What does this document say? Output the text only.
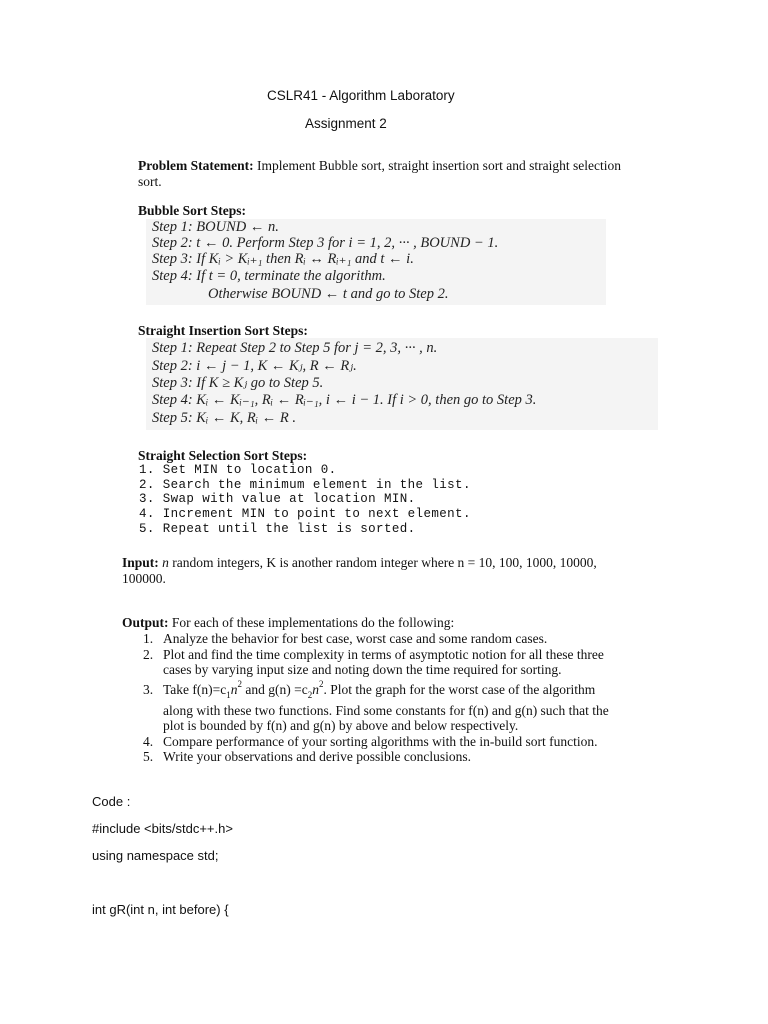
CSLR41 - Algorithm Laboratory
Assignment 2
Problem Statement: Implement Bubble sort, straight insertion sort and straight selection
sort.
Bubble Sort Steps:
Step 1: BOUND ← n.
Step 2: t ← 0. Perform Step 3 for i = 1, 2, ··· , BOUND − 1.
Step 3: If Kᵢ > Kᵢ₊₁ then Rᵢ ↔ Rᵢ₊₁ and t ← i.
Step 4: If t = 0, terminate the algorithm.
Otherwise BOUND ← t and go to Step 2.
Straight Insertion Sort Steps:
Step 1: Repeat Step 2 to Step 5 for j = 2, 3, ··· , n.
Step 2: i ← j − 1, K ← Kⱼ, R ← Rⱼ.
Step 3: If K ≥ Kⱼ go to Step 5.
Step 4: Kᵢ ← Kᵢ₋₁, Rᵢ ← Rᵢ₋₁, i ← i − 1. If i > 0, then go to Step 3.
Step 5: Kᵢ ← K, Rᵢ ← R .
Straight Selection Sort Steps:
1. Set MIN to location 0.
2. Search the minimum element in the list.
3. Swap with value at location MIN.
4. Increment MIN to point to next element.
5. Repeat until the list is sorted.
Input: n random integers, K is another random integer where n = 10, 100, 1000, 10000,
100000.
Output: For each of these implementations do the following:
1. Analyze the behavior for best case, worst case and some random cases.
2. Plot and find the time complexity in terms of asymptotic notion for all these three
cases by varying input size and noting down the time required for sorting.
3. Take $f(n)=c_1n^2$ and $g(n) =c_2n^2$. Plot the graph for the worst case of the algorithm
along with these two functions. Find some constants for f(n) and g(n) such that the
plot is bounded by f(n) and g(n) by above and below respectively.
4. Compare performance of your sorting algorithms with the in-build sort function.
5. Write your observations and derive possible conclusions.
Code :
#include <bits/stdc++.h>
using namespace std;
int gR(int n, int before) {
